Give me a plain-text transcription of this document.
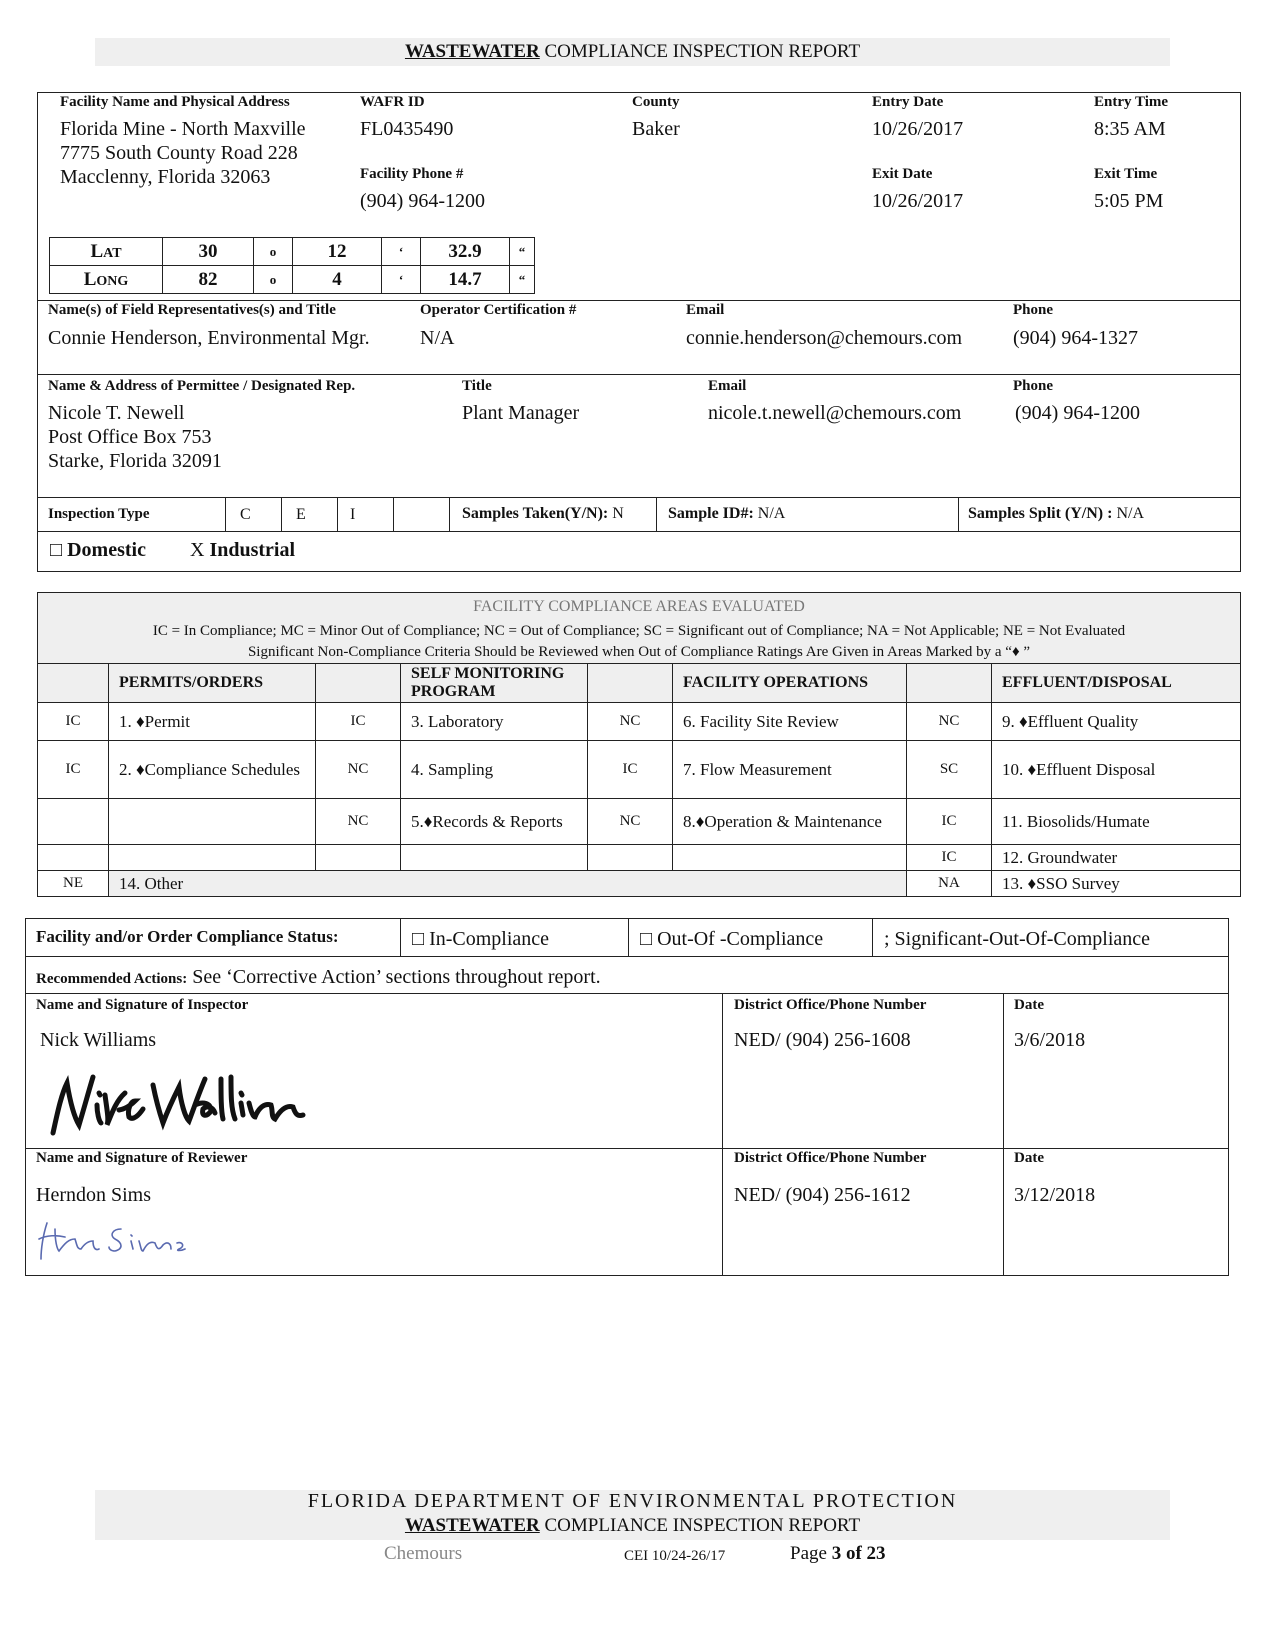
WASTEWATER COMPLIANCE INSPECTION REPORT
Facility Name and Physical Address
Florida Mine - North Maxville
7775 South County Road 228
Macclenny, Florida 32063
WAFR ID
FL0435490
Facility Phone #
(904) 964-1200
County
Baker
Entry Date
10/26/2017
Exit Date
10/26/2017
Entry Time
8:35 AM
Exit Time
5:05 PM
LAT	30	o	12	‘	32.9	“
LONG	82	o	4	‘	14.7	“
Name(s) of Field Representatives(s) and Title
Connie Henderson, Environmental Mgr.
Operator Certification #
N/A
Email
connie.henderson@chemours.com
Phone
(904) 964-1327
Name & Address of Permittee / Designated Rep.
Nicole T. Newell
Post Office Box 753
Starke, Florida 32091
Title
Plant Manager
Email
nicole.t.newell@chemours.com
Phone
(904) 964-1200
Inspection Type	C	E	I	Samples Taken(Y/N): N	Sample ID#: N/A	Samples Split (Y/N) : N/A
□ Domestic X Industrial
FACILITY COMPLIANCE AREAS EVALUATED
IC = In Compliance; MC = Minor Out of Compliance; NC = Out of Compliance; SC = Significant out of Compliance; NA = Not Applicable; NE = Not Evaluated
Significant Non-Compliance Criteria Should be Reviewed when Out of Compliance Ratings Are Given in Areas Marked by a “♦ ”
	PERMITS/ORDERS		SELF MONITORING PROGRAM		FACILITY OPERATIONS		EFFLUENT/DISPOSAL
IC	1. ♦Permit	IC	3. Laboratory	NC	6. Facility Site Review	NC	9. ♦Effluent Quality
IC	2. ♦Compliance Schedules	NC	4. Sampling	IC	7. Flow Measurement	SC	10. ♦Effluent Disposal
		NC	5.♦Records & Reports	NC	8.♦Operation & Maintenance	IC	11. Biosolids/Humate
						IC	12. Groundwater
NE	14. Other					NA	13. ♦SSO Survey
Facility and/or Order Compliance Status:	□ In-Compliance	□ Out-Of -Compliance	; Significant-Out-Of-Compliance
Recommended Actions: See ‘Corrective Action’ sections throughout report.
Name and Signature of Inspector
Nick Williams
District Office/Phone Number
NED/ (904) 256-1608
Date
3/6/2018
Name and Signature of Reviewer
Herndon Sims
District Office/Phone Number
NED/ (904) 256-1612
Date
3/12/2018
FLORIDA DEPARTMENT OF ENVIRONMENTAL PROTECTION
WASTEWATER COMPLIANCE INSPECTION REPORT
Chemours	CEI 10/24-26/17	Page 3 of 23
